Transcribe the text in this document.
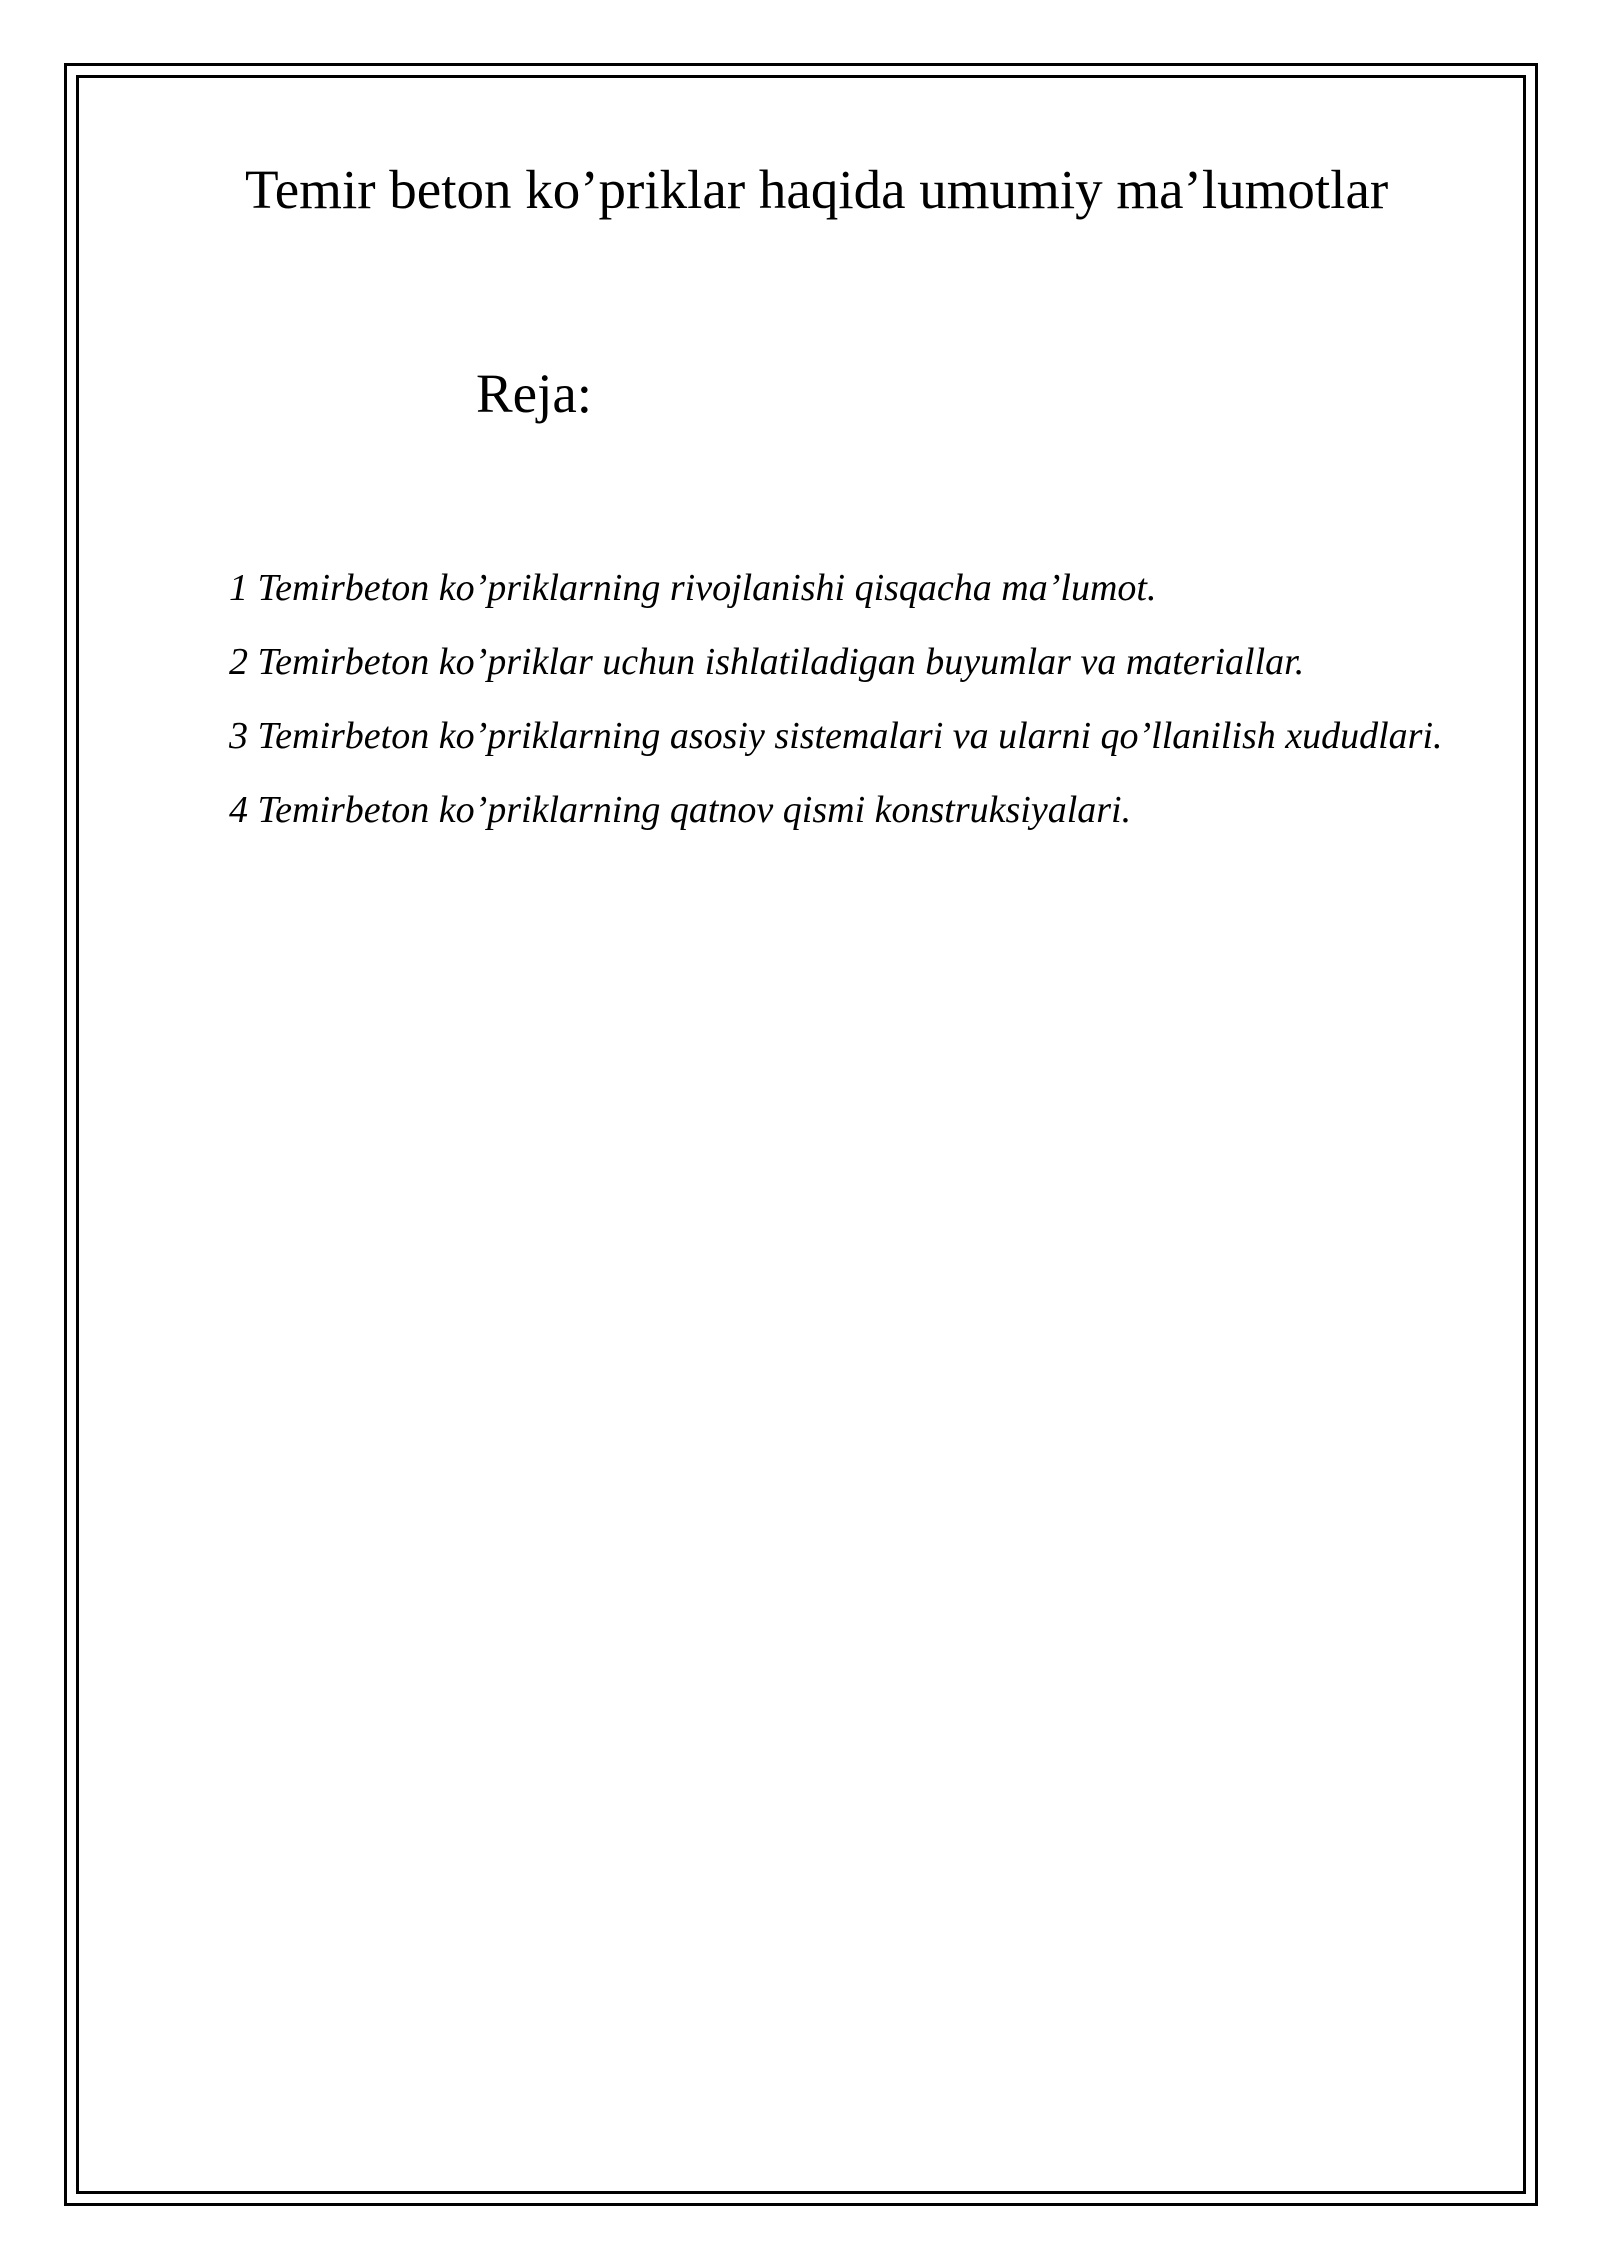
Temir beton ko’priklar haqida umumiy ma’lumotlar
Reja:
1 Temirbeton ko’priklarning rivojlanishi qisqacha ma’lumot.
2 Temirbeton ko’priklar uchun ishlatiladigan buyumlar va materiallar.
3 Temirbeton ko’priklarning asosiy sistemalari va ularni qo’llanilish xududlari.
4 Temirbeton ko’priklarning qatnov qismi konstruksiyalari.
